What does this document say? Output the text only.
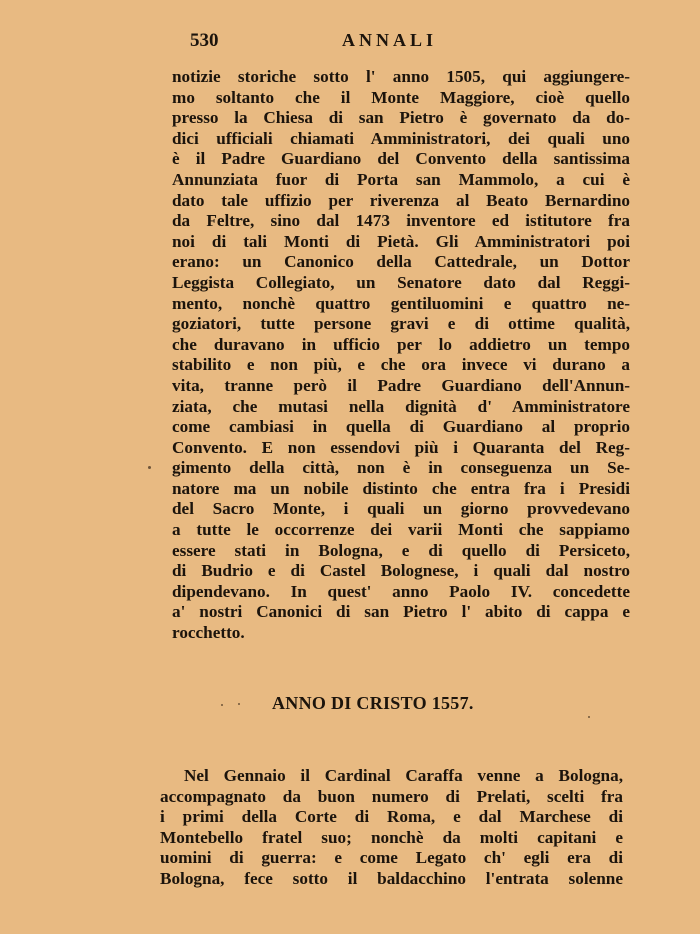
530	ANNALI
notizie storiche sotto l' anno 1505, qui aggiungere-
mo soltanto che il Monte Maggiore, cioè quello
presso la Chiesa di san Pietro è governato da do-
dici ufficiali chiamati Amministratori, dei quali uno
è il Padre Guardiano del Convento della santissima
Annunziata fuor di Porta san Mammolo, a cui è
dato tale uffizio per riverenza al Beato Bernardino
da Feltre, sino dal 1473 inventore ed istitutore fra
noi di tali Monti di Pietà. Gli Amministratori poi
erano: un Canonico della Cattedrale, un Dottor
Leggista Collegiato, un Senatore dato dal Reggi-
mento, nonchè quattro gentiluomini e quattro ne-
goziatori, tutte persone gravi e di ottime qualità,
che duravano in ufficio per lo addietro un tempo
stabilito e non più, e che ora invece vi durano a
vita, tranne però il Padre Guardiano dell'Annun-
ziata, che mutasi nella dignità d' Amministratore
come cambiasi in quella di Guardiano al proprio
Convento. E non essendovi più i Quaranta del Reg-
gimento della città, non è in conseguenza un Se-
natore ma un nobile distinto che entra fra i Presidi
del Sacro Monte, i quali un giorno provvedevano
a tutte le occorrenze dei varii Monti che sappiamo
essere stati in Bologna, e di quello di Persiceto,
di Budrio e di Castel Bolognese, i quali dal nostro
dipendevano. In quest' anno Paolo IV. concedette
a' nostri Canonici di san Pietro l' abito di cappa e
rocchetto.
ANNO DI CRISTO 1557.
Nel Gennaio il Cardinal Caraffa venne a Bologna,
accompagnato da buon numero di Prelati, scelti fra
i primi della Corte di Roma, e dal Marchese di
Montebello fratel suo; nonchè da molti capitani e
uomini di guerra: e come Legato ch' egli era di
Bologna, fece sotto il baldacchino l'entrata solenne
